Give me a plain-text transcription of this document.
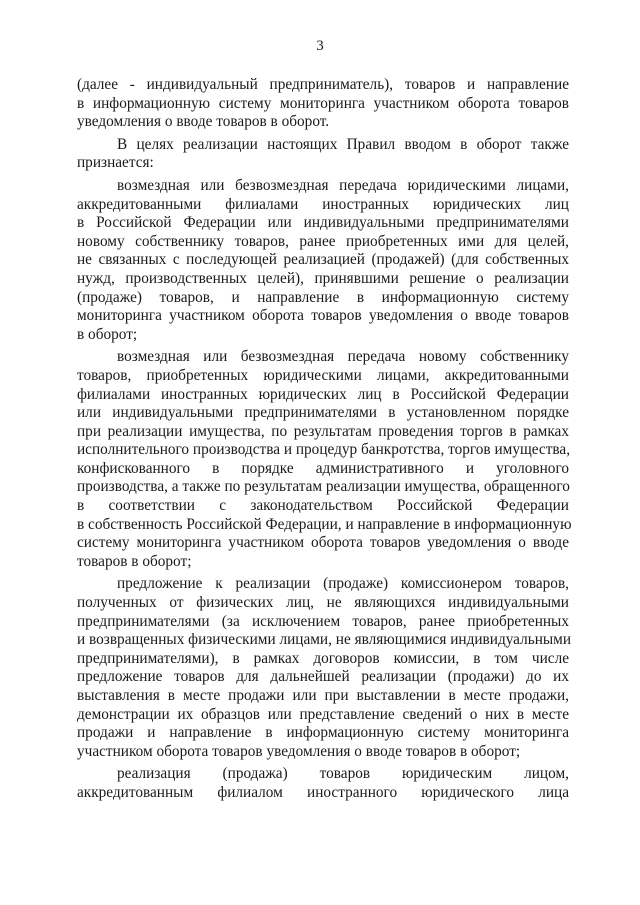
3
(далее - индивидуальный предприниматель), товаров и направление
в информационную систему мониторинга участником оборота товаров
уведомления о вводе товаров в оборот.
В целях реализации настоящих Правил вводом в оборот также
признается:
возмездная или безвозмездная передача юридическими лицами,
аккредитованными филиалами иностранных юридических лиц
в Российской Федерации или индивидуальными предпринимателями
новому собственнику товаров, ранее приобретенных ими для целей,
не связанных с последующей реализацией (продажей) (для собственных
нужд, производственных целей), принявшими решение о реализации
(продаже) товаров, и направление в информационную систему
мониторинга участником оборота товаров уведомления о вводе товаров
в оборот;
возмездная или безвозмездная передача новому собственнику
товаров, приобретенных юридическими лицами, аккредитованными
филиалами иностранных юридических лиц в Российской Федерации
или индивидуальными предпринимателями в установленном порядке
при реализации имущества, по результатам проведения торгов в рамках
исполнительного производства и процедур банкротства, торгов имущества,
конфискованного в порядке административного и уголовного
производства, а также по результатам реализации имущества, обращенного
в соответствии с законодательством Российской Федерации
в собственность Российской Федерации, и направление в информационную
систему мониторинга участником оборота товаров уведомления о вводе
товаров в оборот;
предложение к реализации (продаже) комиссионером товаров,
полученных от физических лиц, не являющихся индивидуальными
предпринимателями (за исключением товаров, ранее приобретенных
и возвращенных физическими лицами, не являющимися индивидуальными
предпринимателями), в рамках договоров комиссии, в том числе
предложение товаров для дальнейшей реализации (продажи) до их
выставления в месте продажи или при выставлении в месте продажи,
демонстрации их образцов или представление сведений о них в месте
продажи и направление в информационную систему мониторинга
участником оборота товаров уведомления о вводе товаров в оборот;
реализация (продажа) товаров юридическим лицом,
аккредитованным филиалом иностранного юридического лица
